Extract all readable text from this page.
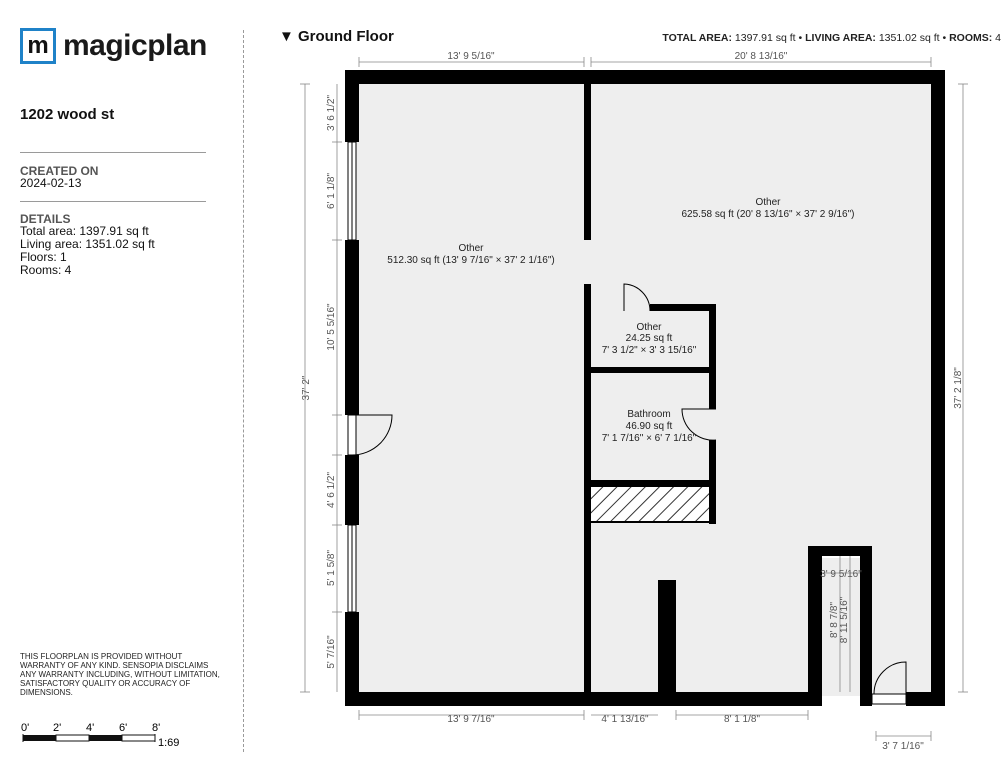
m magicplan
1202 wood st
CREATED ON
2024-02-13
DETAILS
Total area: 1397.91 sq ft
Living area: 1351.02 sq ft
Floors: 1
Rooms: 4
THIS FLOORPLAN IS PROVIDED WITHOUT WARRANTY OF ANY KIND. SENSOPIA DISCLAIMS ANY WARRANTY INCLUDING, WITHOUT LIMITATION, SATISFACTORY QUALITY OR ACCURACY OF DIMENSIONS.
0' 2' 4' 6' 8'
1:69
▼ Ground Floor	TOTAL AREA: 1397.91 sq ft • LIVING AREA: 1351.02 sq ft • ROOMS: 4
Other
512.30 sq ft (13' 9 7/16" × 37' 2 1/16")
Other
625.58 sq ft (20' 8 13/16" × 37' 2 9/16")
Other
24.25 sq ft
7' 3 1/2" × 3' 3 15/16"
Bathroom
46.90 sq ft
7' 1 7/16" × 6' 7 1/16"
13' 9 5/16"	20' 8 13/16"
13' 9 7/16"	4' 1 13/16"	8' 1 1/8"
3' 7 1/16"
3' 9 5/16"
37' 2"	37' 2 1/8"
3' 6 1/2"
6' 1 1/8"
10' 5 5/16"
4' 6 1/2"
5' 1 5/8"
5' 7/16"
8' 8 7/8" 8' 11 5/16"
